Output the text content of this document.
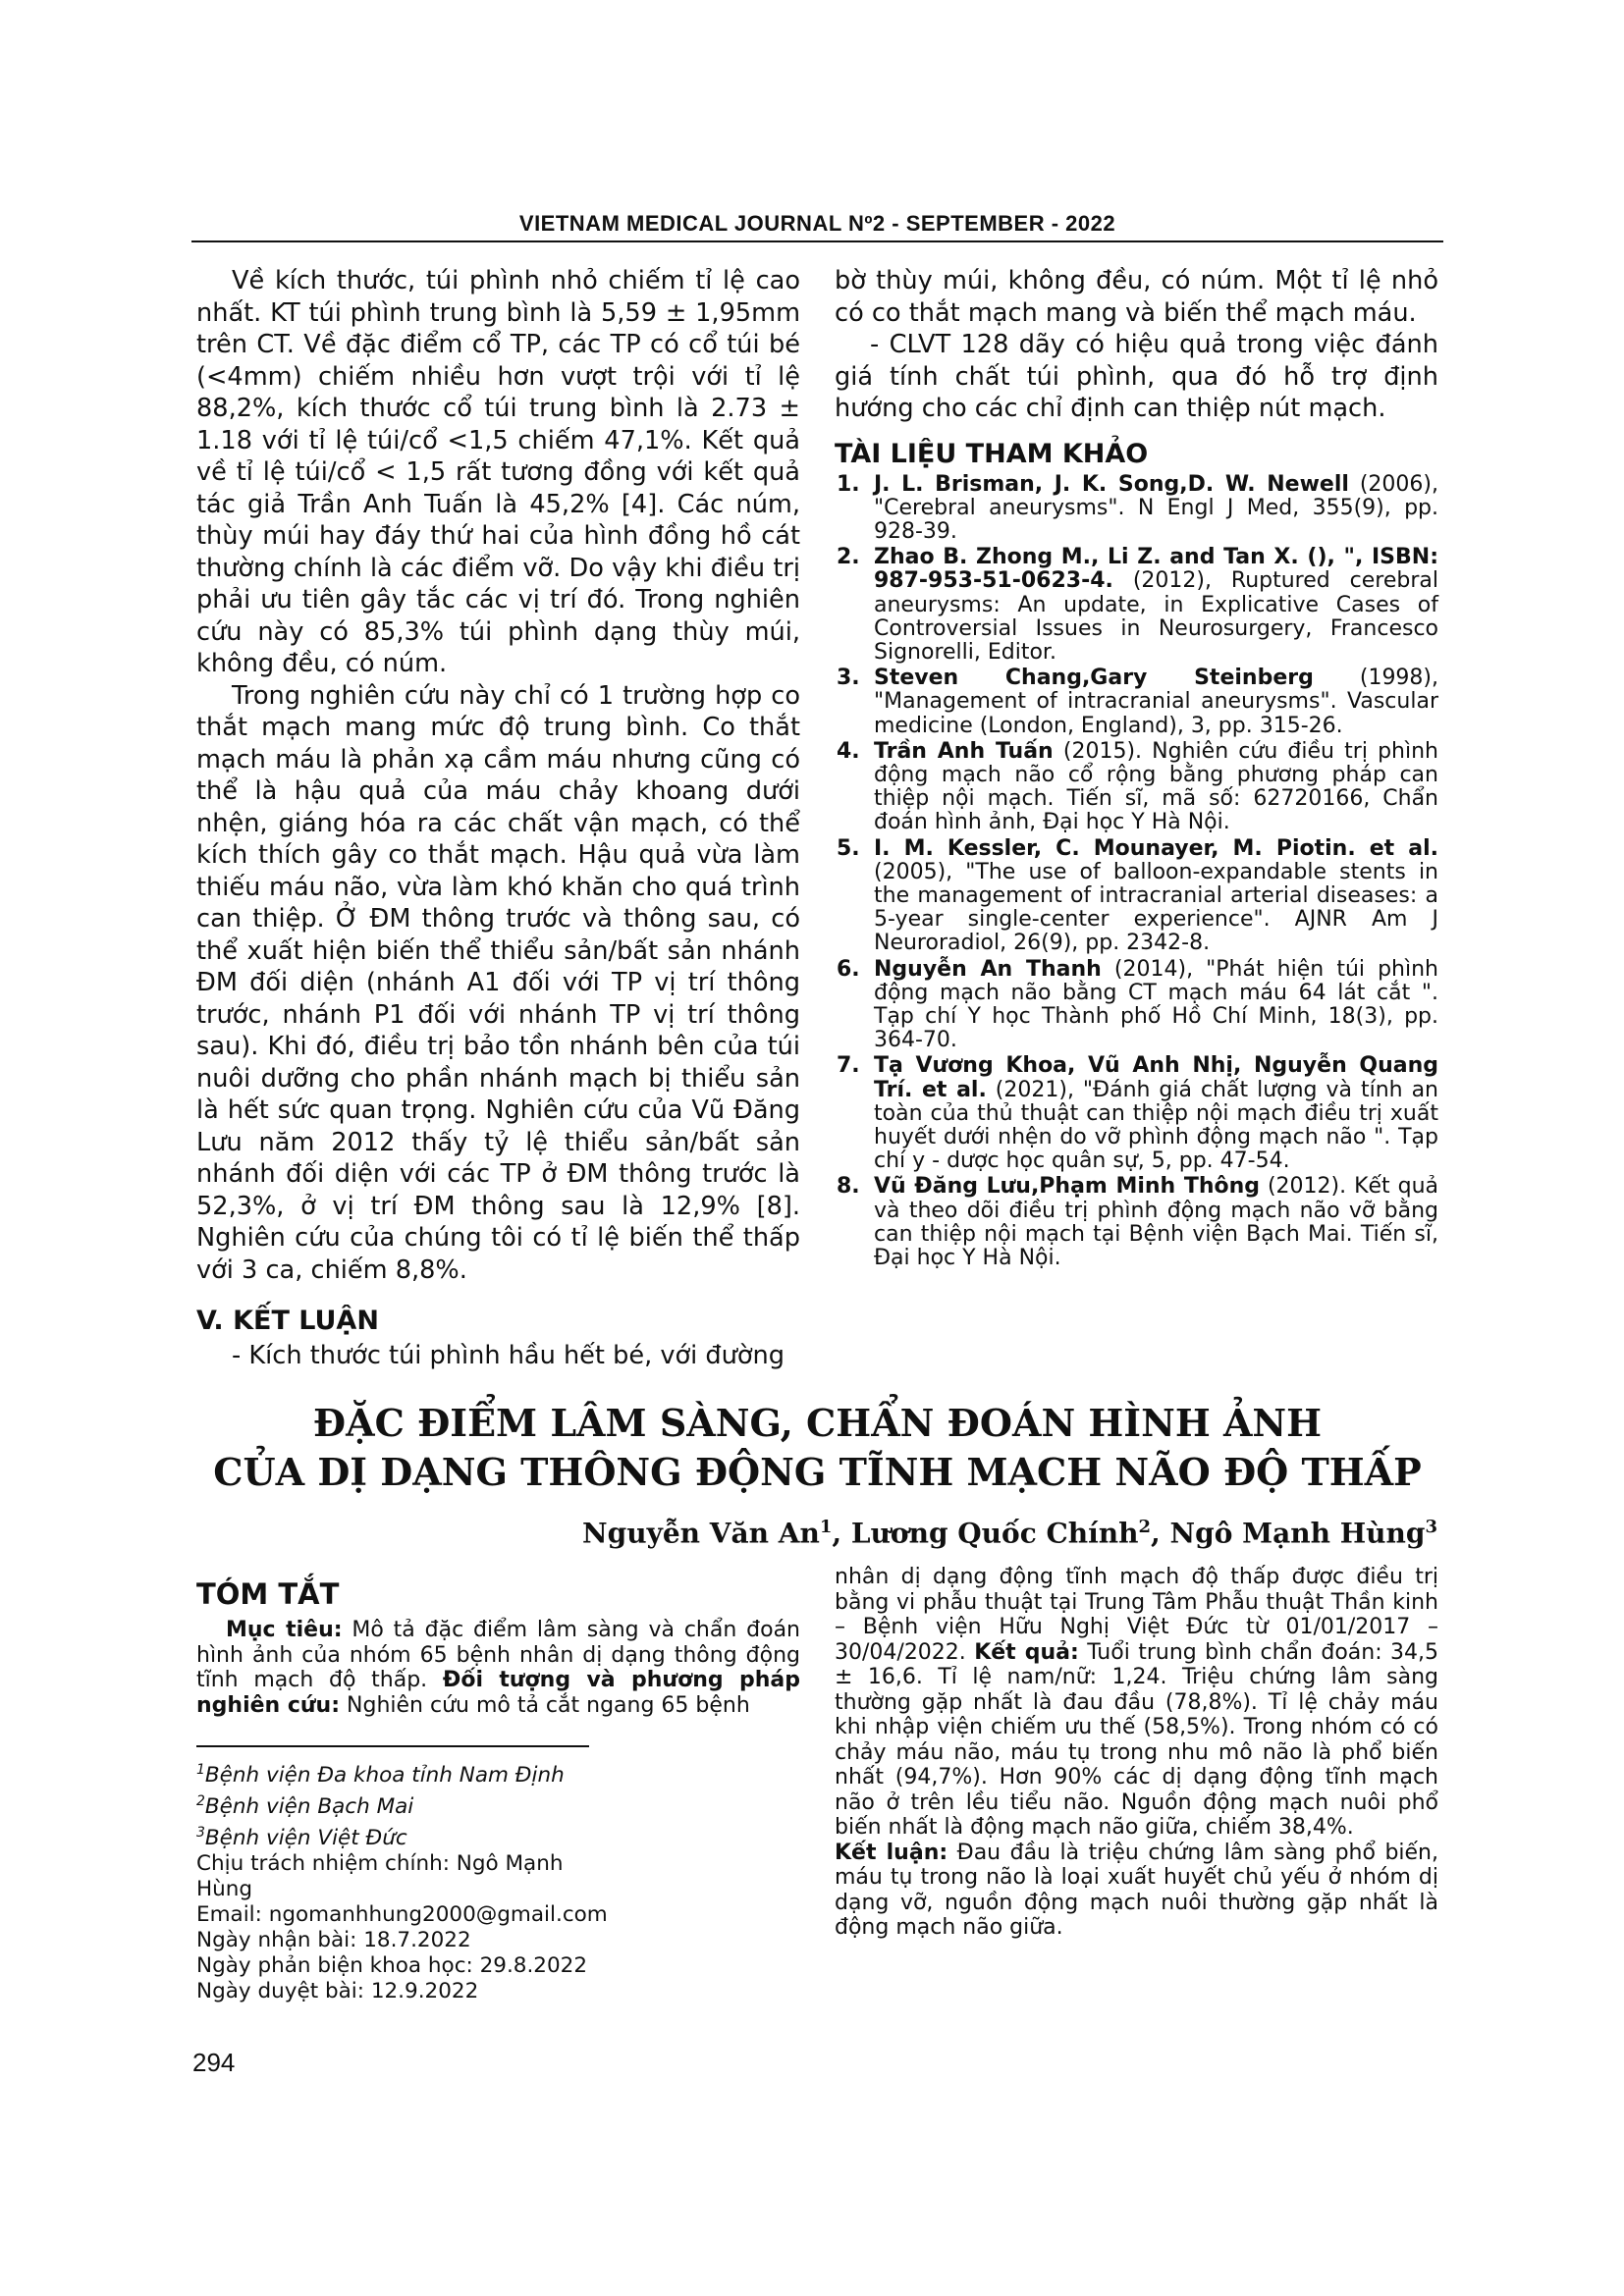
VIETNAM MEDICAL JOURNAL Nº2 - SEPTEMBER - 2022

Về kích thước, túi phình nhỏ chiếm tỉ lệ cao nhất. KT túi phình trung bình là 5,59 ± 1,95mm trên CT. Về đặc điểm cổ TP, các TP có cổ túi bé (<4mm) chiếm nhiều hơn vượt trội với tỉ lệ 88,2%, kích thước cổ túi trung bình là 2.73 ± 1.18 với tỉ lệ túi/cổ <1,5 chiếm 47,1%. Kết quả về tỉ lệ túi/cổ < 1,5 rất tương đồng với kết quả tác giả Trần Anh Tuấn là 45,2% [4]. Các núm, thùy múi hay đáy thứ hai của hình đồng hồ cát thường chính là các điểm vỡ. Do vậy khi điều trị phải ưu tiên gây tắc các vị trí đó. Trong nghiên cứu này có 85,3% túi phình dạng thùy múi, không đều, có núm.

Trong nghiên cứu này chỉ có 1 trường hợp co thắt mạch mang mức độ trung bình. Co thắt mạch máu là phản xạ cầm máu nhưng cũng có thể là hậu quả của máu chảy khoang dưới nhện, giáng hóa ra các chất vận mạch, có thể kích thích gây co thắt mạch. Hậu quả vừa làm thiếu máu não, vừa làm khó khăn cho quá trình can thiệp. Ở ĐM thông trước và thông sau, có thể xuất hiện biến thể thiểu sản/bất sản nhánh ĐM đối diện (nhánh A1 đối với TP vị trí thông trước, nhánh P1 đối với nhánh TP vị trí thông sau). Khi đó, điều trị bảo tồn nhánh bên của túi nuôi dưỡng cho phần nhánh mạch bị thiểu sản là hết sức quan trọng. Nghiên cứu của Vũ Đăng Lưu năm 2012 thấy tỷ lệ thiểu sản/bất sản nhánh đối diện với các TP ở ĐM thông trước là 52,3%, ở vị trí ĐM thông sau là 12,9% [8]. Nghiên cứu của chúng tôi có tỉ lệ biến thể thấp với 3 ca, chiếm 8,8%.

V. KẾT LUẬN

- Kích thước túi phình hầu hết bé, với đường

bờ thùy múi, không đều, có núm. Một tỉ lệ nhỏ có co thắt mạch mang và biến thể mạch máu.

- CLVT 128 dãy có hiệu quả trong việc đánh giá tính chất túi phình, qua đó hỗ trợ định hướng cho các chỉ định can thiệp nút mạch.

TÀI LIỆU THAM KHẢO
1. J. L. Brisman, J. K. Song,D. W. Newell (2006), "Cerebral aneurysms". N Engl J Med, 355(9), pp. 928-39.
2. Zhao B. Zhong M., Li Z. and Tan X. (), ", ISBN: 987-953-51-0623-4. (2012), Ruptured cerebral aneurysms: An update, in Explicative Cases of Controversial Issues in Neurosurgery, Francesco Signorelli, Editor.
3. Steven Chang,Gary Steinberg (1998), "Management of intracranial aneurysms". Vascular medicine (London, England), 3, pp. 315-26.
4. Trần Anh Tuấn (2015). Nghiên cứu điều trị phình động mạch não cổ rộng bằng phương pháp can thiệp nội mạch. Tiến sĩ, mã số: 62720166, Chẩn đoán hình ảnh, Đại học Y Hà Nội.
5. I. M. Kessler, C. Mounayer, M. Piotin. et al. (2005), "The use of balloon-expandable stents in the management of intracranial arterial diseases: a 5-year single-center experience". AJNR Am J Neuroradiol, 26(9), pp. 2342-8.
6. Nguyễn An Thanh (2014), "Phát hiện túi phình động mạch não bằng CT mạch máu 64 lát cắt ". Tạp chí Y học Thành phố Hồ Chí Minh, 18(3), pp. 364-70.
7. Tạ Vương Khoa, Vũ Anh Nhị, Nguyễn Quang Trí. et al. (2021), "Đánh giá chất lượng và tính an toàn của thủ thuật can thiệp nội mạch điều trị xuất huyết dưới nhện do vỡ phình động mạch não ". Tạp chí y - dược học quân sự, 5, pp. 47-54.
8. Vũ Đăng Lưu,Phạm Minh Thông (2012). Kết quả và theo dõi điều trị phình động mạch não vỡ bằng can thiệp nội mạch tại Bệnh viện Bạch Mai. Tiến sĩ, Đại học Y Hà Nội.
ĐẶC ĐIỂM LÂM SÀNG, CHẨN ĐOÁN HÌNH ẢNH
CỦA DỊ DẠNG THÔNG ĐỘNG TĨNH MẠCH NÃO ĐỘ THẤP
Nguyễn Văn An$^1$, Lương Quốc Chính$^2$, Ngô Mạnh Hùng$^3$
TÓM TẮT
Mục tiêu: Mô tả đặc điểm lâm sàng và chẩn đoán hình ảnh của nhóm 65 bệnh nhân dị dạng thông động tĩnh mạch độ thấp. Đối tượng và phương pháp nghiên cứu: Nghiên cứu mô tả cắt ngang 65 bệnh
nhân dị dạng động tĩnh mạch độ thấp được điều trị bằng vi phẫu thuật tại Trung Tâm Phẫu thuật Thần kinh – Bệnh viện Hữu Nghị Việt Đức từ 01/01/2017 – 30/04/2022. Kết quả: Tuổi trung bình chẩn đoán: 34,5 ± 16,6. Tỉ lệ nam/nữ: 1,24. Triệu chứng lâm sàng thường gặp nhất là đau đầu (78,8%). Tỉ lệ chảy máu khi nhập viện chiếm ưu thế (58,5%). Trong nhóm có có chảy máu não, máu tụ trong nhu mô não là phổ biến nhất (94,7%). Hơn 90% các dị dạng động tĩnh mạch não ở trên lều tiểu não. Nguồn động mạch nuôi phổ biến nhất là động mạch não giữa, chiếm 38,4%.
Kết luận: Đau đầu là triệu chứng lâm sàng phổ biến, máu tụ trong não là loại xuất huyết chủ yếu ở nhóm dị dạng vỡ, nguồn động mạch nuôi thường gặp nhất là động mạch não giữa.
$^1$Bệnh viện Đa khoa tỉnh Nam Định
$^2$Bệnh viện Bạch Mai
$^3$Bệnh viện Việt Đức
Chịu trách nhiệm chính: Ngô Mạnh Hùng
Email: ngomanhhung2000@gmail.com
Ngày nhận bài: 18.7.2022
Ngày phản biện khoa học: 29.8.2022
Ngày duyệt bài: 12.9.2022
294
